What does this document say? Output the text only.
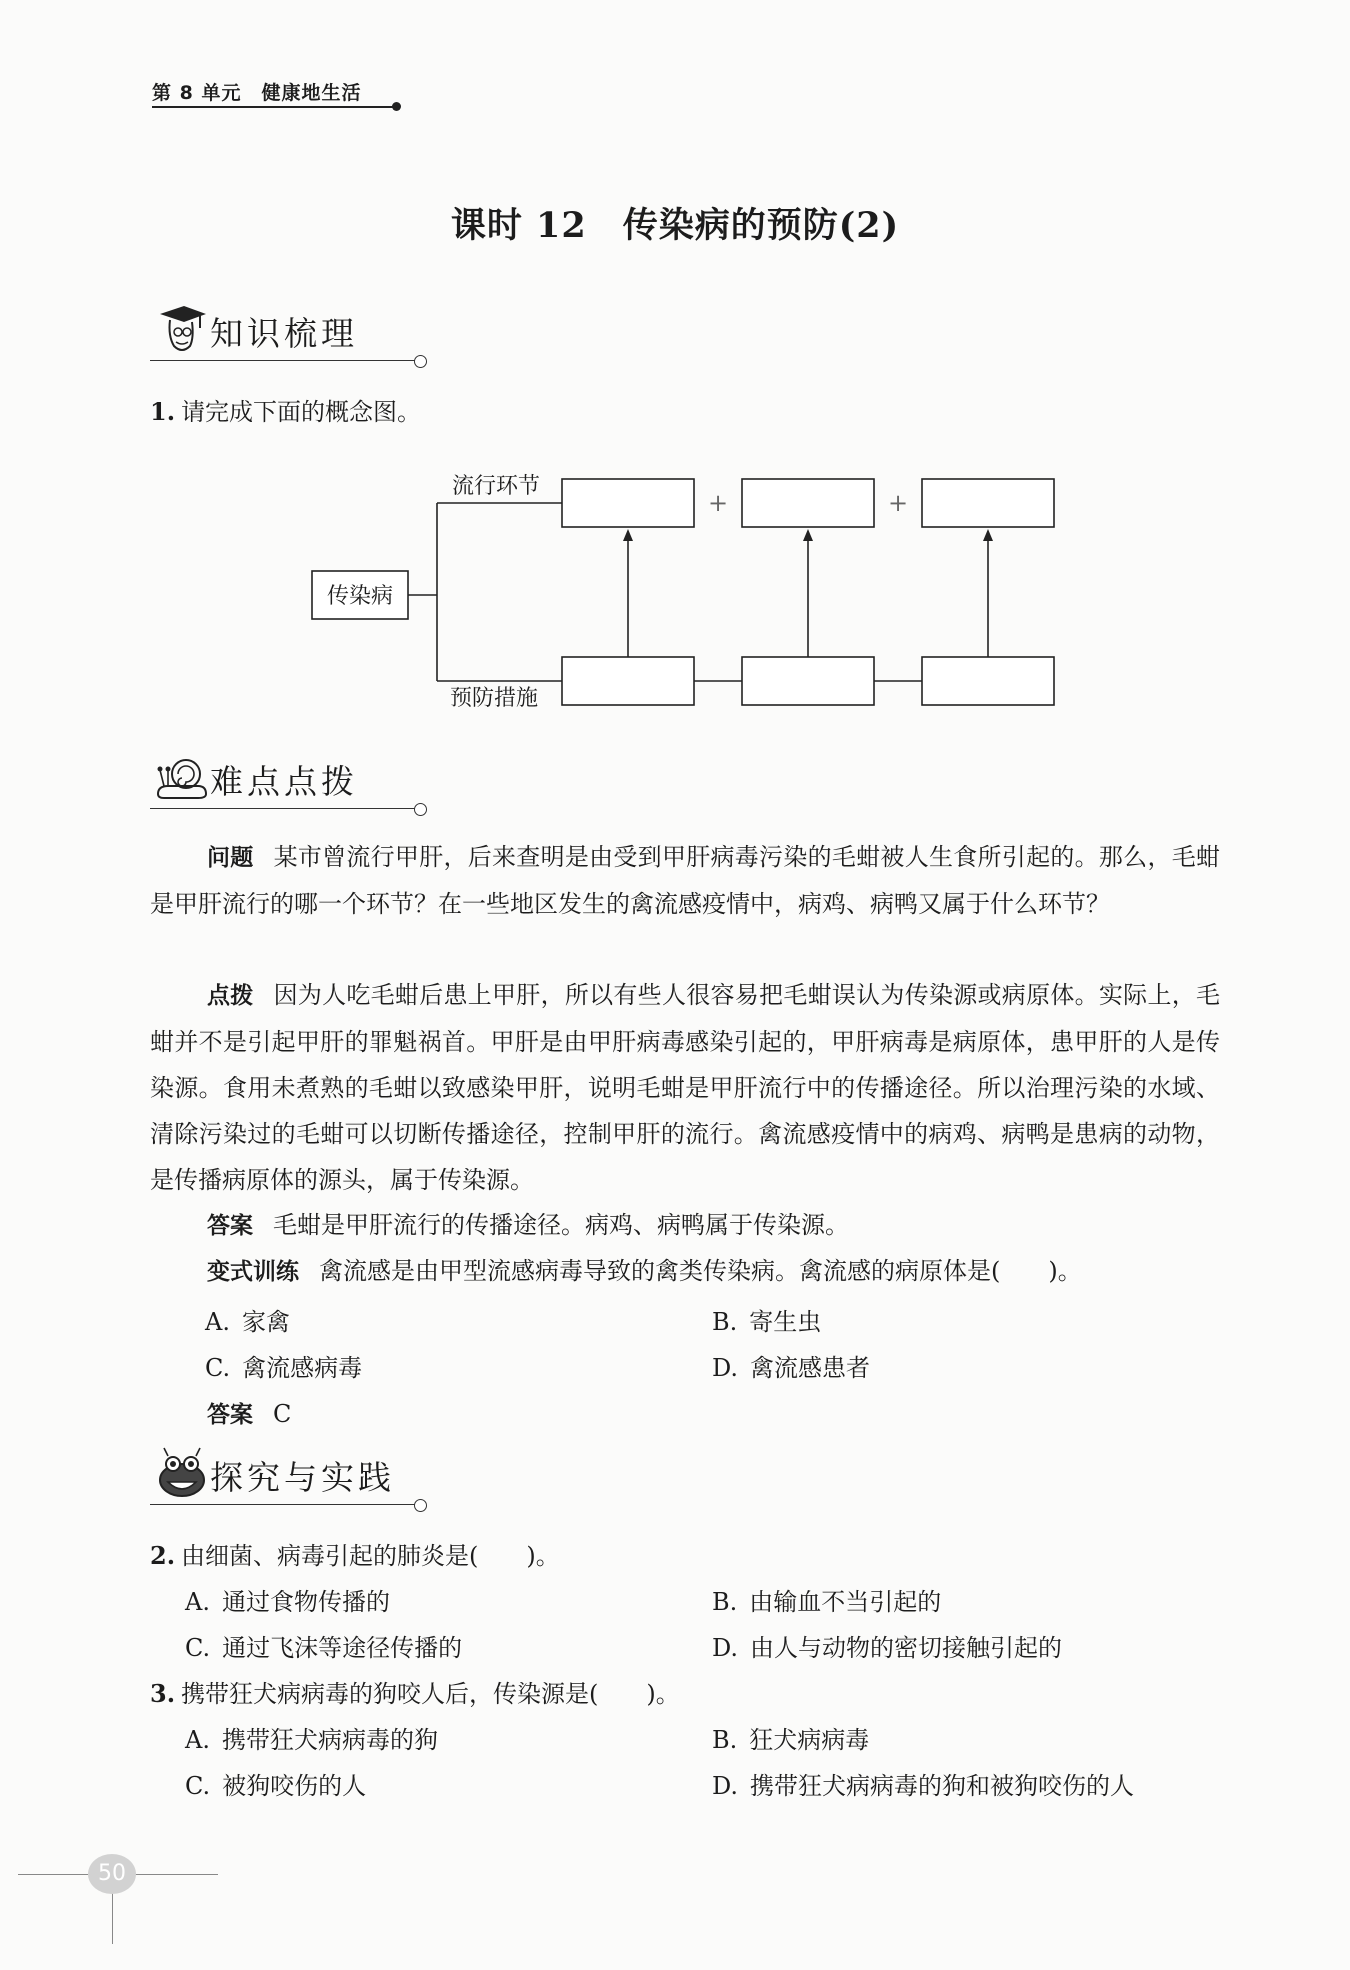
第 8 单元　健康地生活
课时 12　传染病的预防(2)
知识梳理
1. 请完成下面的概念图。
传染病
流行环节
预防措施
+	+
难点点拨

问题 某市曾流行甲肝，后来查明是由受到甲肝病毒污染的毛蚶被人生食所引起的。那么，毛蚶是甲肝流行的哪一个环节？在一些地区发生的禽流感疫情中，病鸡、病鸭又属于什么环节？

点拨 因为人吃毛蚶后患上甲肝，所以有些人很容易把毛蚶误认为传染源或病原体。实际上，毛蚶并不是引起甲肝的罪魁祸首。甲肝是由甲肝病毒感染引起的，甲肝病毒是病原体，患甲肝的人是传染源。食用未煮熟的毛蚶以致感染甲肝，说明毛蚶是甲肝流行中的传播途径。所以治理污染的水域、清除污染过的毛蚶可以切断传播途径，控制甲肝的流行。禽流感疫情中的病鸡、病鸭是患病的动物，是传播病原体的源头，属于传染源。

答案 毛蚶是甲肝流行的传播途径。病鸡、病鸭属于传染源。

变式训练 禽流感是由甲型流感病毒导致的禽类传染病。禽流感的病原体是(　　)。

A. 家禽	B. 寄生虫
C. 禽流感病毒	D. 禽流感患者
答案 C
探究与实践
2. 由细菌、病毒引起的肺炎是(　　)。
A. 通过食物传播的	B. 由输血不当引起的
C. 通过飞沫等途径传播的	D. 由人与动物的密切接触引起的
3. 携带狂犬病病毒的狗咬人后，传染源是(　　)。
A. 携带狂犬病病毒的狗	B. 狂犬病病毒
C. 被狗咬伤的人	D. 携带狂犬病病毒的狗和被狗咬伤的人
50
